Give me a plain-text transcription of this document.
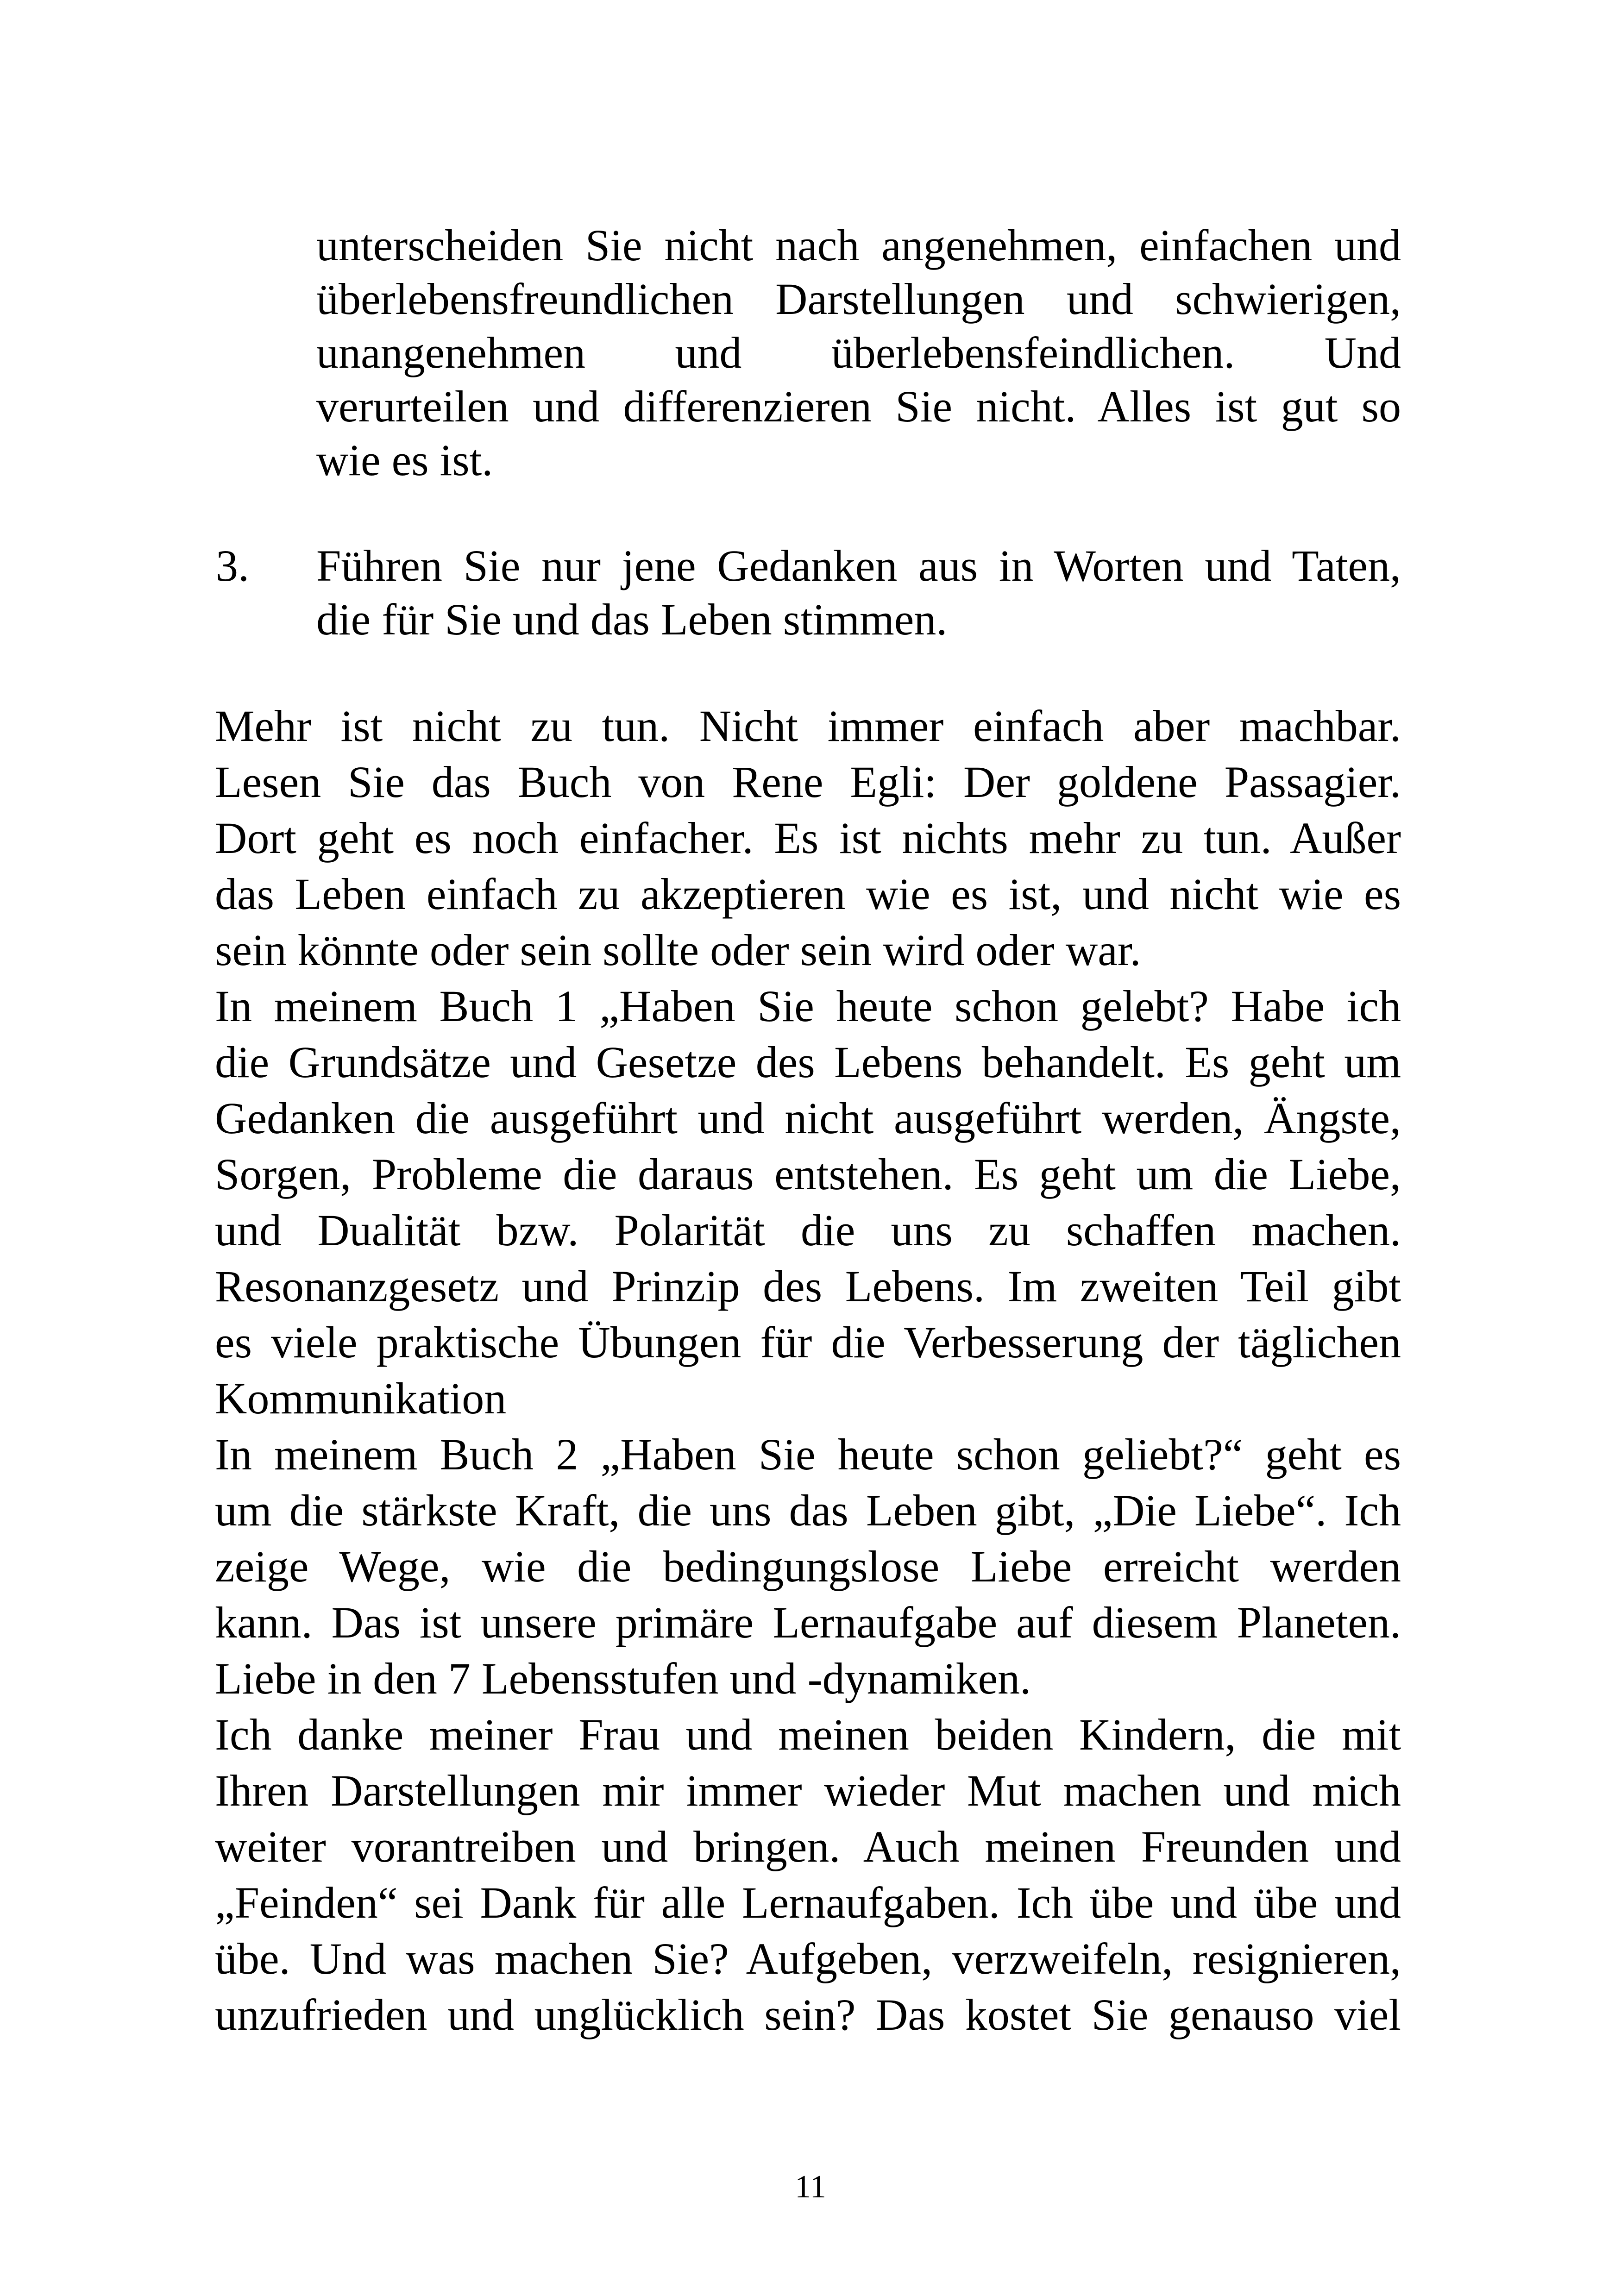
unterscheiden Sie nicht nach angenehmen, einfachen und
überlebensfreundlichen Darstellungen und schwierigen,
unangenehmen und überlebensfeindlichen. Und
verurteilen und differenzieren Sie nicht. Alles ist gut so
wie es ist.
3. Führen Sie nur jene Gedanken aus in Worten und Taten,
die für Sie und das Leben stimmen.
Mehr ist nicht zu tun. Nicht immer einfach aber machbar.
Lesen Sie das Buch von Rene Egli: Der goldene Passagier.
Dort geht es noch einfacher. Es ist nichts mehr zu tun. Außer
das Leben einfach zu akzeptieren wie es ist, und nicht wie es
sein könnte oder sein sollte oder sein wird oder war.
In meinem Buch 1 „Haben Sie heute schon gelebt? Habe ich
die Grundsätze und Gesetze des Lebens behandelt. Es geht um
Gedanken die ausgeführt und nicht ausgeführt werden, Ängste,
Sorgen, Probleme die daraus entstehen. Es geht um die Liebe,
und Dualität bzw. Polarität die uns zu schaffen machen.
Resonanzgesetz und Prinzip des Lebens. Im zweiten Teil gibt
es viele praktische Übungen für die Verbesserung der täglichen
Kommunikation
In meinem Buch 2 „Haben Sie heute schon geliebt?“ geht es
um die stärkste Kraft, die uns das Leben gibt, „Die Liebe“. Ich
zeige Wege, wie die bedingungslose Liebe erreicht werden
kann. Das ist unsere primäre Lernaufgabe auf diesem Planeten.
Liebe in den 7 Lebensstufen und -dynamiken.
Ich danke meiner Frau und meinen beiden Kindern, die mit
Ihren Darstellungen mir immer wieder Mut machen und mich
weiter vorantreiben und bringen. Auch meinen Freunden und
„Feinden“ sei Dank für alle Lernaufgaben. Ich übe und übe und
übe. Und was machen Sie? Aufgeben, verzweifeln, resignieren,
unzufrieden und unglücklich sein? Das kostet Sie genauso viel
11
